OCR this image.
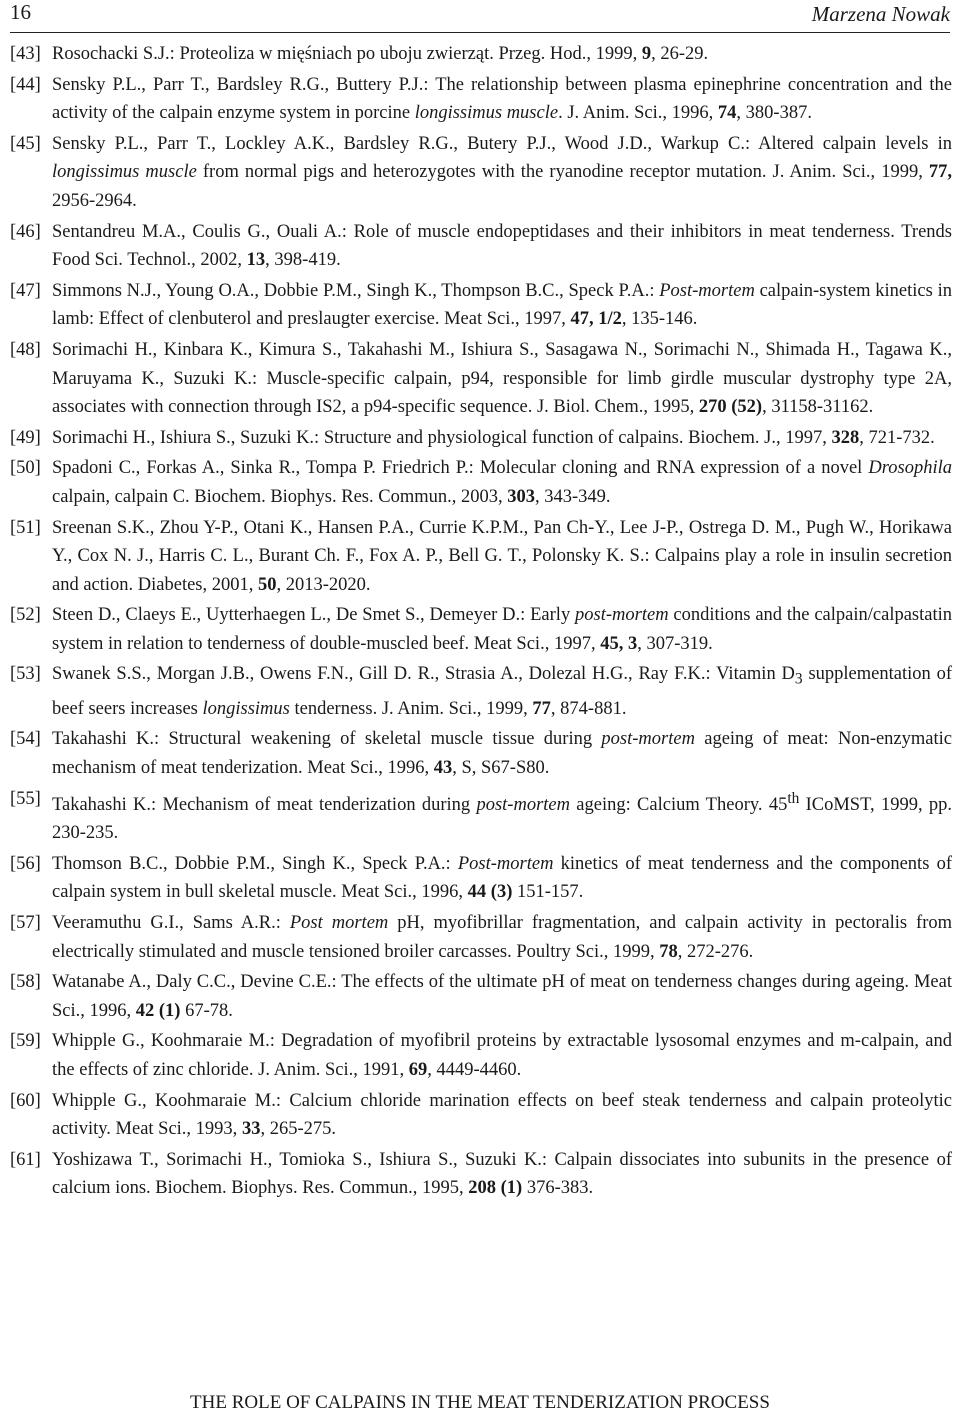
16	Marzena Nowak
[43] Rosochacki S.J.: Proteoliza w mięśniach po uboju zwierząt. Przeg. Hod., 1999, 9, 26-29.
[44] Sensky P.L., Parr T., Bardsley R.G., Buttery P.J.: The relationship between plasma epinephrine concentration and the activity of the calpain enzyme system in porcine longissimus muscle. J. Anim. Sci., 1996, 74, 380-387.
[45] Sensky P.L., Parr T., Lockley A.K., Bardsley R.G., Butery P.J., Wood J.D., Warkup C.: Altered calpain levels in longissimus muscle from normal pigs and heterozygotes with the ryanodine receptor mutation. J. Anim. Sci., 1999, 77, 2956-2964.
[46] Sentandreu M.A., Coulis G., Ouali A.: Role of muscle endopeptidases and their inhibitors in meat tenderness. Trends Food Sci. Technol., 2002, 13, 398-419.
[47] Simmons N.J., Young O.A., Dobbie P.M., Singh K., Thompson B.C., Speck P.A.: Post-mortem calpain-system kinetics in lamb: Effect of clenbuterol and preslaugter exercise. Meat Sci., 1997, 47, 1/2, 135-146.
[48] Sorimachi H., Kinbara K., Kimura S., Takahashi M., Ishiura S., Sasagawa N., Sorimachi N., Shimada H., Tagawa K., Maruyama K., Suzuki K.: Muscle-specific calpain, p94, responsible for limb girdle muscular dystrophy type 2A, associates with connection through IS2, a p94-specific sequence. J. Biol. Chem., 1995, 270 (52), 31158-31162.
[49] Sorimachi H., Ishiura S., Suzuki K.: Structure and physiological function of calpains. Biochem. J., 1997, 328, 721-732.
[50] Spadoni C., Forkas A., Sinka R., Tompa P. Friedrich P.: Molecular cloning and RNA expression of a novel Drosophila calpain, calpain C. Biochem. Biophys. Res. Commun., 2003, 303, 343-349.
[51] Sreenan S.K., Zhou Y-P., Otani K., Hansen P.A., Currie K.P.M., Pan Ch-Y., Lee J-P., Ostrega D. M., Pugh W., Horikawa Y., Cox N. J., Harris C. L., Burant Ch. F., Fox A. P., Bell G. T., Polonsky K. S.: Calpains play a role in insulin secretion and action. Diabetes, 2001, 50, 2013-2020.
[52] Steen D., Claeys E., Uytterhaegen L., De Smet S., Demeyer D.: Early post-mortem conditions and the calpain/calpastatin system in relation to tenderness of double-muscled beef. Meat Sci., 1997, 45, 3, 307-319.
[53] Swanek S.S., Morgan J.B., Owens F.N., Gill D. R., Strasia A., Dolezal H.G., Ray F.K.: Vitamin $D_3$ supplementation of beef seers increases longissimus tenderness. J. Anim. Sci., 1999, 77, 874-881.
[54] Takahashi K.: Structural weakening of skeletal muscle tissue during post-mortem ageing of meat: Non-enzymatic mechanism of meat tenderization. Meat Sci., 1996, 43, S, S67-S80.
[55] Takahashi K.: Mechanism of meat tenderization during post-mortem ageing: Calcium Theory. 45th ICoMST, 1999, pp. 230-235.
[56] Thomson B.C., Dobbie P.M., Singh K., Speck P.A.: Post-mortem kinetics of meat tenderness and the components of calpain system in bull skeletal muscle. Meat Sci., 1996, 44 (3) 151-157.
[57] Veeramuthu G.I., Sams A.R.: Post mortem pH, myofibrillar fragmentation, and calpain activity in pectoralis from electrically stimulated and muscle tensioned broiler carcasses. Poultry Sci., 1999, 78, 272-276.
[58] Watanabe A., Daly C.C., Devine C.E.: The effects of the ultimate pH of meat on tenderness changes during ageing. Meat Sci., 1996, 42 (1) 67-78.
[59] Whipple G., Koohmaraie M.: Degradation of myofibril proteins by extractable lysosomal enzymes and m-calpain, and the effects of zinc chloride. J. Anim. Sci., 1991, 69, 4449-4460.
[60] Whipple G., Koohmaraie M.: Calcium chloride marination effects on beef steak tenderness and calpain proteolytic activity. Meat Sci., 1993, 33, 265-275.
[61] Yoshizawa T., Sorimachi H., Tomioka S., Ishiura S., Suzuki K.: Calpain dissociates into subunits in the presence of calcium ions. Biochem. Biophys. Res. Commun., 1995, 208 (1) 376-383.
THE ROLE OF CALPAINS IN THE MEAT TENDERIZATION PROCESS
